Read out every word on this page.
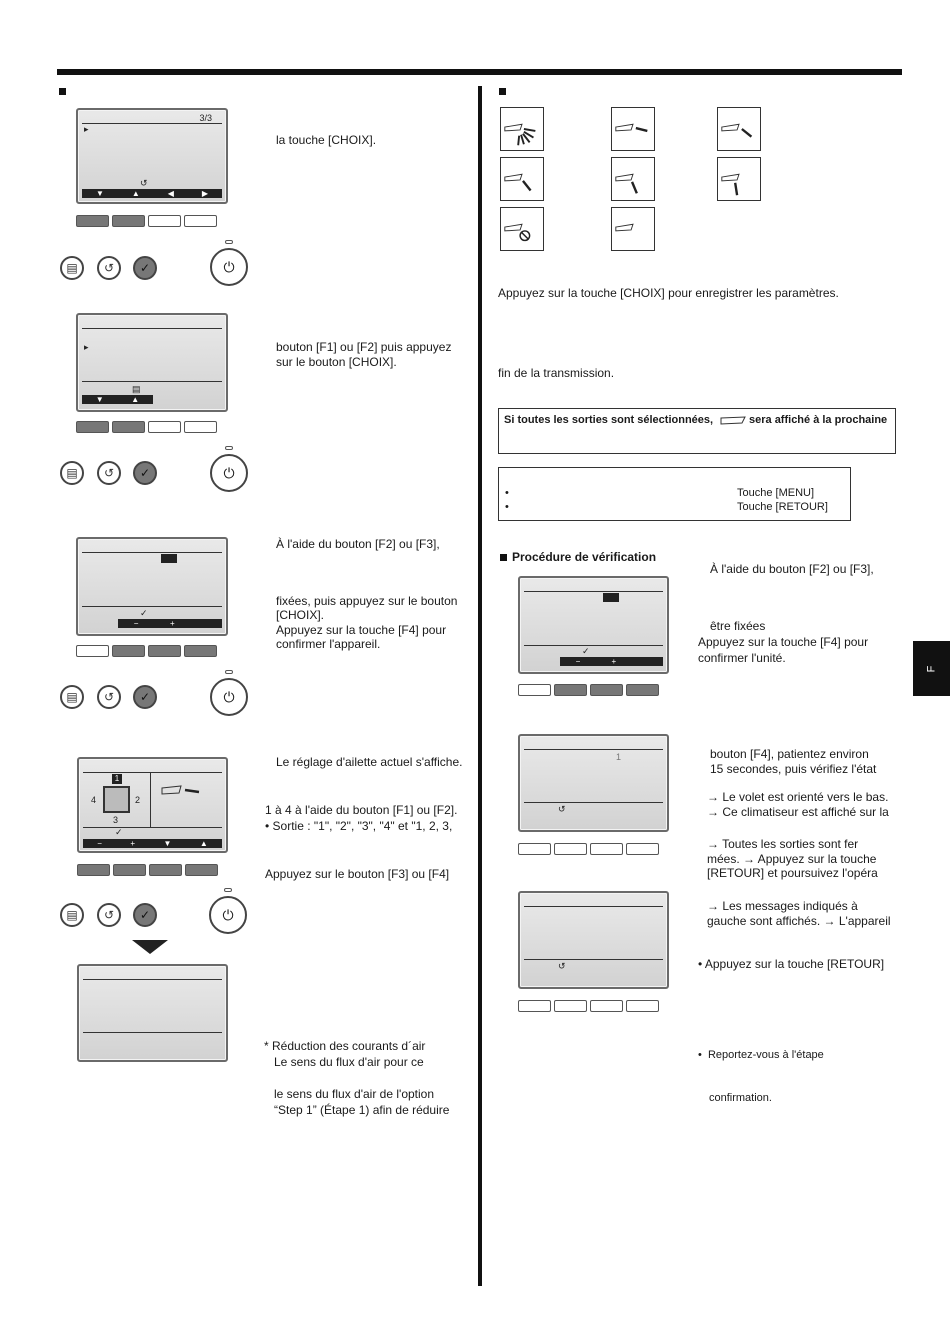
F
3/3
▸
↺
▼	▲	◀	▶
▤ ↺ ✓	⏻
la touche [CHOIX].
▸
▤
▼	▲
▤ ↺ ✓	⏻
bouton [F1] ou [F2] puis appuyez
sur le bouton [CHOIX].
✓
−	+
▤ ↺ ✓	⏻
À l'aide du bouton [F2] ou [F3],
fixées, puis appuyez sur le bouton
[CHOIX].
Appuyez sur la touche [F4] pour
confirmer l'appareil.
1
4	2
3
✓
−	+	▼	▲
▤ ↺ ✓	⏻
Le réglage d'ailette actuel s'affiche.
1 à 4 à l'aide du bouton [F1] ou [F2].
• Sortie : "1", "2", "3", "4" et "1, 2, 3,
Appuyez sur le bouton [F3] ou [F4]
* Réduction des courants d´air
Le sens du flux d'air pour ce
le sens du flux d'air de l'option
“Step 1” (Étape 1) afin de réduire
Appuyez sur la touche [CHOIX] pour enregistrer les paramètres.
fin de la transmission.
Si toutes les sorties sont sélectionnées,	sera affiché à la prochaine
•	Touche [MENU]
•	Touche [RETOUR]
Procédure de vérification
✓
−	+
À l'aide du bouton [F2] ou [F3],
être fixées
Appuyez sur la touche [F4] pour
confirmer l'unité.
1
↺
bouton [F4], patientez environ
15 secondes, puis vérifiez l'état
→ Le volet est orienté vers le bas.
→ Ce climatiseur est affiché sur la
→ Toutes les sorties sont fer
mées. → Appuyez sur la touche
[RETOUR] et poursuivez l'opéra
↺
→ Les messages indiqués à
gauche sont affichés. → L'appareil
• Appuyez sur la touche [RETOUR]
•  Reportez-vous à l'étape
confirmation.
